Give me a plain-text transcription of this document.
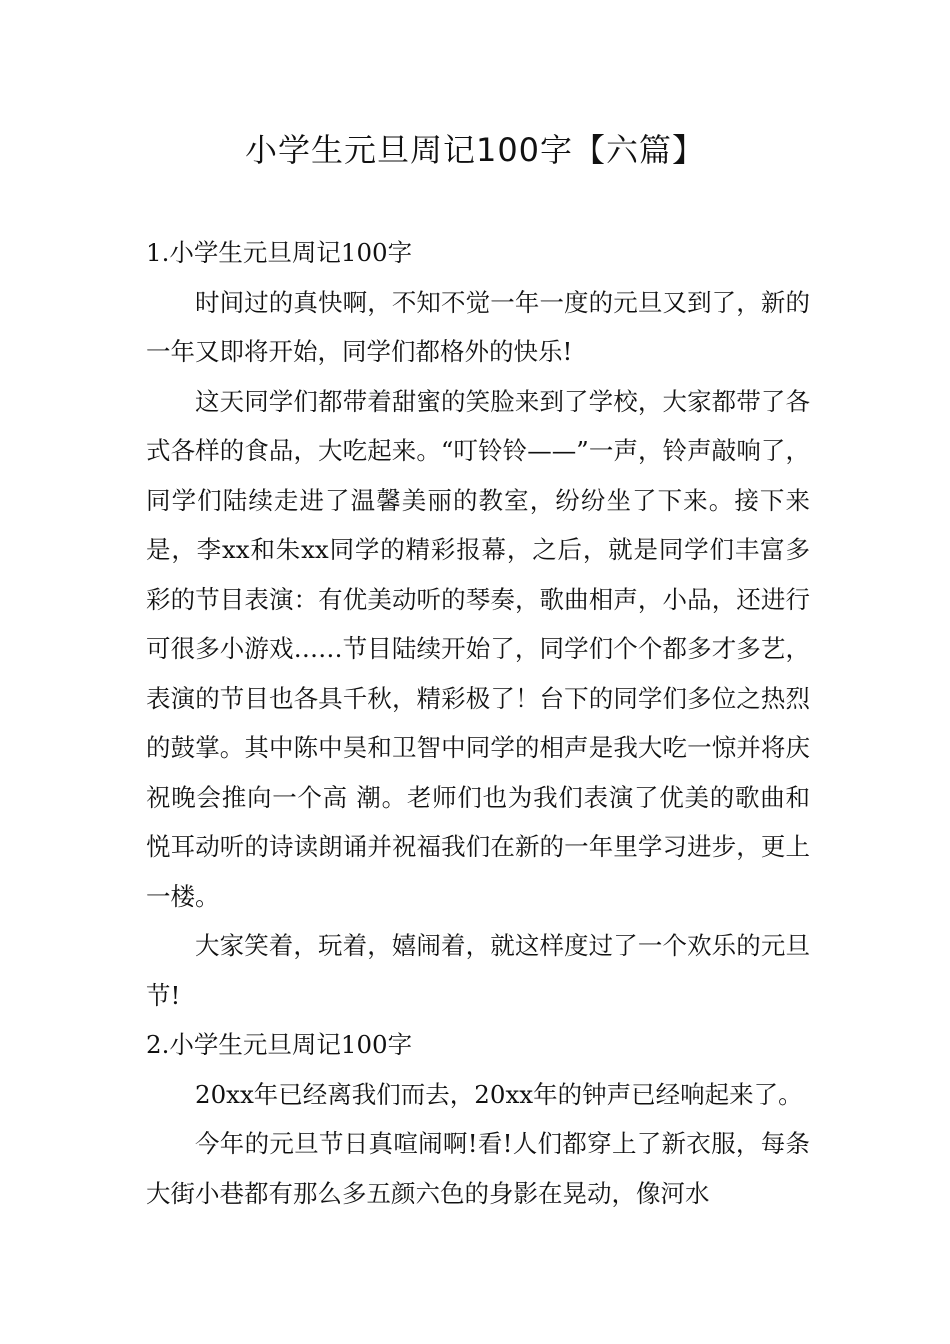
小学生元旦周记100字【六篇】

1.小学生元旦周记100字

时间过的真快啊，不知不觉一年一度的元旦又到了，新的一年又即将开始，同学们都格外的快乐!

这天同学们都带着甜蜜的笑脸来到了学校，大家都带了各式各样的食品，大吃起来。“叮铃铃——”一声，铃声敲响了，同学们陆续走进了温馨美丽的教室，纷纷坐了下来。接下来是，李xx和朱xx同学的精彩报幕，之后，就是同学们丰富多彩的节目表演：有优美动听的琴奏，歌曲相声，小品，还进行可很多小游戏……节目陆续开始了，同学们个个都多才多艺，表演的节目也各具千秋，精彩极了！台下的同学们多位之热烈的鼓掌。其中陈中昊和卫智中同学的相声是我大吃一惊并将庆祝晚会推向一个高 潮。老师们也为我们表演了优美的歌曲和悦耳动听的诗读朗诵并祝福我们在新的一年里学习进步，更上一楼。

大家笑着，玩着，嬉闹着，就这样度过了一个欢乐的元旦节!

2.小学生元旦周记100字

20xx年已经离我们而去，20xx年的钟声已经响起来了。

今年的元旦节日真喧闹啊!看!人们都穿上了新衣服，每条大街小巷都有那么多五颜六色的身影在晃动，像河水
